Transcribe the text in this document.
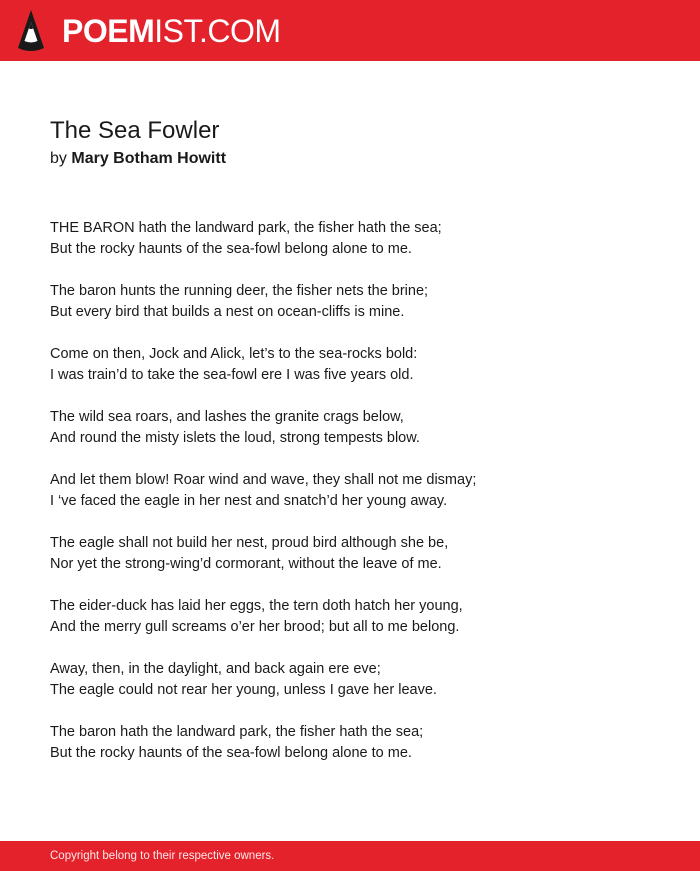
POEMIST.COM
The Sea Fowler
by Mary Botham Howitt
THE BARON hath the landward park, the fisher hath the sea;
But the rocky haunts of the sea-fowl belong alone to me.
The baron hunts the running deer, the fisher nets the brine;
But every bird that builds a nest on ocean-cliffs is mine.
Come on then, Jock and Alick, let’s to the sea-rocks bold:
I was train’d to take the sea-fowl ere I was five years old.
The wild sea roars, and lashes the granite crags below,
And round the misty islets the loud, strong tempests blow.
And let them blow! Roar wind and wave, they shall not me dismay;
I ‘ve faced the eagle in her nest and snatch’d her young away.
The eagle shall not build her nest, proud bird although she be,
Nor yet the strong-wing’d cormorant, without the leave of me.
The eider-duck has laid her eggs, the tern doth hatch her young,
And the merry gull screams o’er her brood; but all to me belong.
Away, then, in the daylight, and back again ere eve;
The eagle could not rear her young, unless I gave her leave.
The baron hath the landward park, the fisher hath the sea;
But the rocky haunts of the sea-fowl belong alone to me.
Copyright belong to their respective owners.
